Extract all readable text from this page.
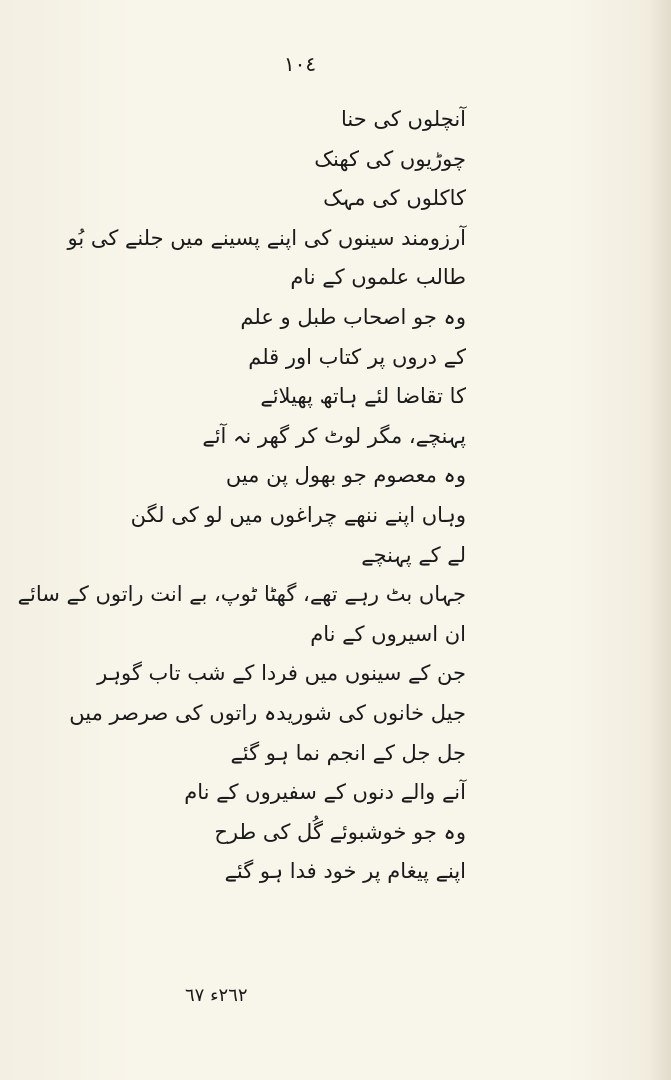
١٠٤
آنچلوں کی حنا
چوڑیوں کی کھنک
کاکلوں کی مہک
آرزومند سینوں کی اپنے پسینے میں جلنے کی بُو
طالب علموں کے نام
وہ جو اصحاب طبل و علم
کے دروں پر کتاب اور قلم
کا تقاضا لئے ہاتھ پھیلائے
پہنچے، مگر لوٹ کر گھر نہ آئے
وہ معصوم جو بھول پن میں
وہاں اپنے ننھے چراغوں میں لو کی لگن
لے کے پہنچے
جہاں بٹ رہے تھے، گھٹا ٹوپ، بے انت راتوں کے سائے
ان اسیروں کے نام
جن کے سینوں میں فردا کے شب تاب گوہر
جیل خانوں کی شوریدہ راتوں کی صرصر میں
جل جل کے انجم نما ہو گئے
آنے والے دنوں کے سفیروں کے نام
وہ جو خوشبوئے گُل کی طرح
اپنے پیغام پر خود فدا ہو گئے
٢٦٢ء ٦٧
